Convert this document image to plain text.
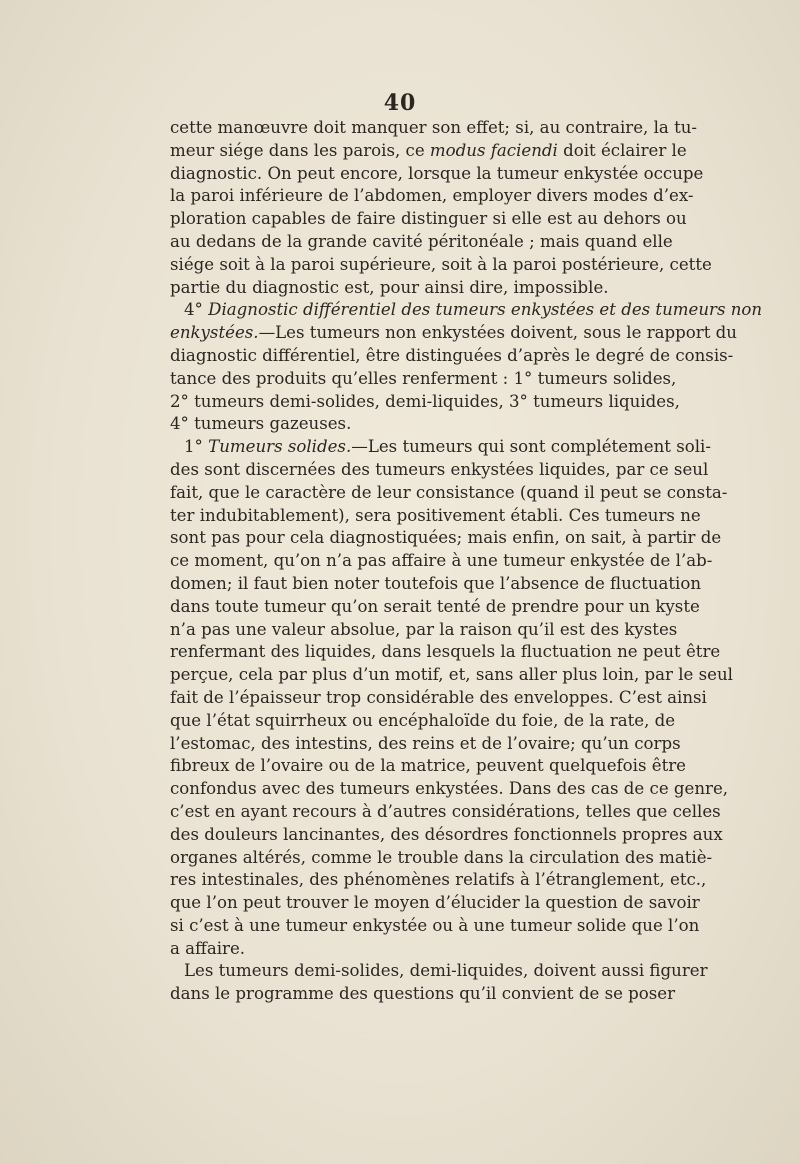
40
cette manœuvre doit manquer son effet; si, au contraire, la tu-
meur siége dans les parois, ce modus faciendi doit éclairer le
diagnostic. On peut encore, lorsque la tumeur enkystée occupe
la paroi inférieure de l’abdomen, employer divers modes d’ex-
ploration capables de faire distinguer si elle est au dehors ou
au dedans de la grande cavité péritonéale ; mais quand elle
siége soit à la paroi supérieure, soit à la paroi postérieure, cette
partie du diagnostic est, pour ainsi dire, impossible.
4° Diagnostic différentiel des tumeurs enkystées et des tumeurs non
enkystées.—Les tumeurs non enkystées doivent, sous le rapport du
diagnostic différentiel, être distinguées d’après le degré de consis-
tance des produits qu’elles renferment : 1° tumeurs solides,
2° tumeurs demi-solides, demi-liquides, 3° tumeurs liquides,
4° tumeurs gazeuses.
1° Tumeurs solides.—Les tumeurs qui sont complétement soli-
des sont discernées des tumeurs enkystées liquides, par ce seul
fait, que le caractère de leur consistance (quand il peut se consta-
ter indubitablement), sera positivement établi. Ces tumeurs ne
sont pas pour cela diagnostiquées; mais enfin, on sait, à partir de
ce moment, qu’on n’a pas affaire à une tumeur enkystée de l’ab-
domen; il faut bien noter toutefois que l’absence de fluctuation
dans toute tumeur qu’on serait tenté de prendre pour un kyste
n’a pas une valeur absolue, par la raison qu’il est des kystes
renfermant des liquides, dans lesquels la fluctuation ne peut être
perçue, cela par plus d’un motif, et, sans aller plus loin, par le seul
fait de l’épaisseur trop considérable des enveloppes. C’est ainsi
que l’état squirrheux ou encéphaloïde du foie, de la rate, de
l’estomac, des intestins, des reins et de l’ovaire; qu’un corps
fibreux de l’ovaire ou de la matrice, peuvent quelquefois être
confondus avec des tumeurs enkystées. Dans des cas de ce genre,
c’est en ayant recours à d’autres considérations, telles que celles
des douleurs lancinantes, des désordres fonctionnels propres aux
organes altérés, comme le trouble dans la circulation des matiè-
res intestinales, des phénomènes relatifs à l’étranglement, etc.,
que l’on peut trouver le moyen d’élucider la question de savoir
si c’est à une tumeur enkystée ou à une tumeur solide que l’on
a affaire.
Les tumeurs demi-solides, demi-liquides, doivent aussi figurer
dans le programme des questions qu’il convient de se poser
